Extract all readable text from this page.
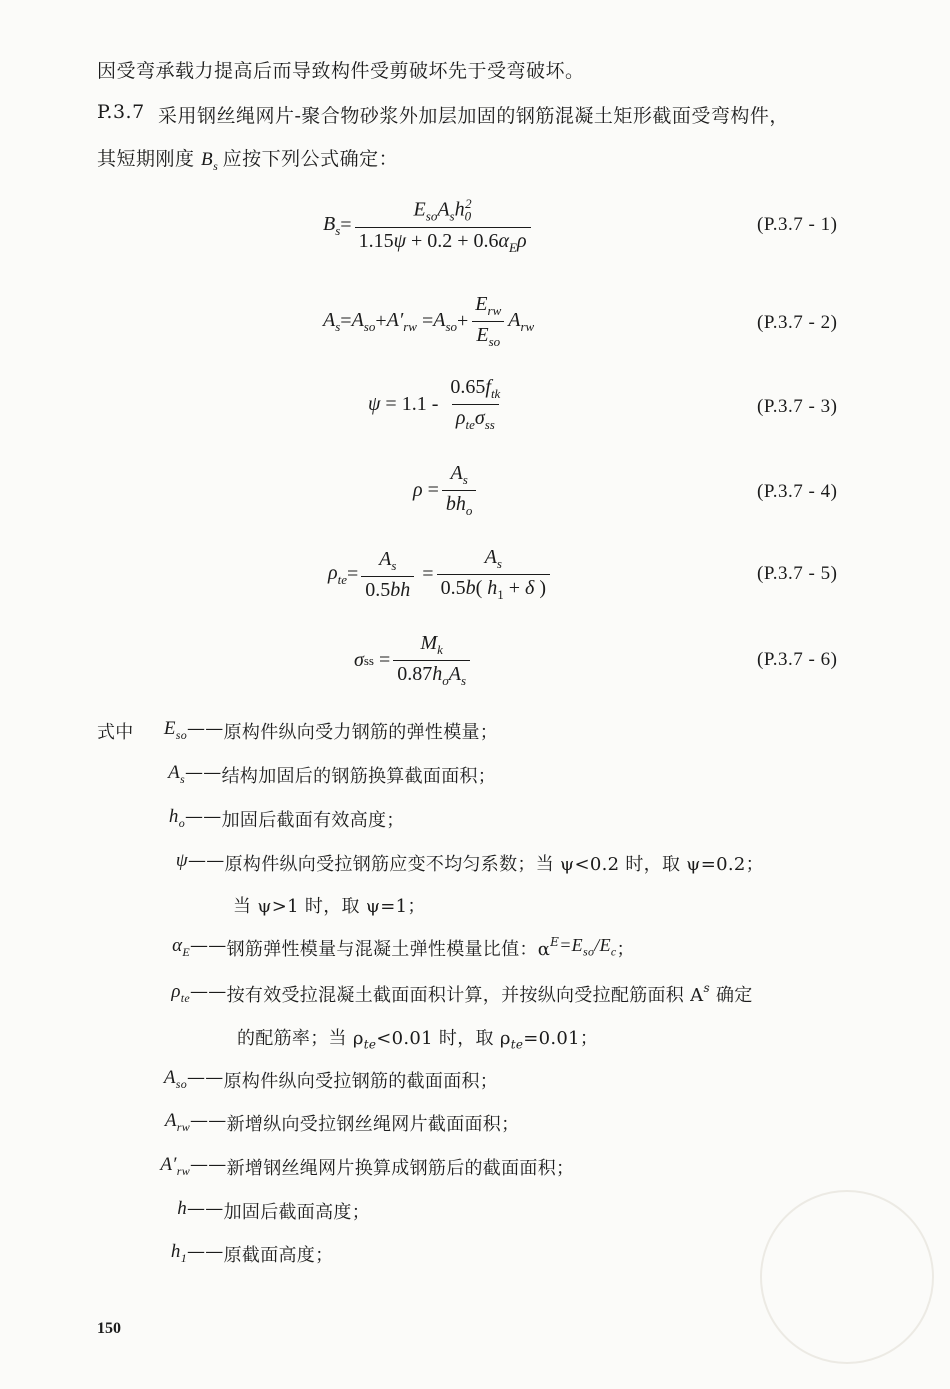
因受弯承载力提高后而导致构件受剪破坏先于受弯破坏。
P.3.7 采用钢丝绳网片-聚合物砂浆外加层加固的钢筋混凝土矩形截面受弯构件，
其短期刚度 $B_s$  应按下列公式确定：
$B_s = \frac{E_{so}A_sh_0^2}{1.15\psi + 0.2 + 0.6\alpha_E\rho}$	(P.3.7 - 1)
$A_s = A_{so} + A'_{rw} = A_{so} + \frac{E_{rw}}{E_{so}} A_{rw}$	(P.3.7 - 2)
$\psi = 1.1 - \frac{0.65f_{tk}}{\rho_{te}\sigma_{ss}}$	(P.3.7 - 3)
$\rho = \frac{A_s}{bh_o}$	(P.3.7 - 4)
$\rho_{te} = \frac{A_s}{0.5bh} = \frac{A_s}{0.5b( h_1 + \delta )}$	(P.3.7 - 5)
σ ss = $\frac{M_k}{0.87h_oA_s}$	(P.3.7 - 6)
式中	$E_{so}$ —— 原构件纵向受力钢筋的弹性模量；
$A_s$ —— 结构加固后的钢筋换算截面面积；
$h_o$ —— 加固后截面有效高度；
ψ —— 原构件纵向受拉钢筋应变不均匀系数；当 ψ<0.2 时，取 ψ=0.2；
当 ψ>1 时，取 ψ=1；
$\alpha_E$ —— 钢筋弹性模量与混凝土弹性模量比值：α $E =E_{so}/E_c$ ；
$\rho_{te}$ —— 按有效受拉混凝土截面面积计算，并按纵向受拉配筋面积 A s
确定
的配筋率；当 $\rho_{te}<0.01$ 时，取 $\rho_{te}=0.01$；
$A_{so}$ —— 原构件纵向受拉钢筋的截面面积；
$A_{rw}$ —— 新增纵向受拉钢丝绳网片截面面积；
$A'_{rw}$ —— 新增钢丝绳网片换算成钢筋后的截面面积；
h —— 加固后截面高度；
$h_1$ —— 原截面高度；
150
